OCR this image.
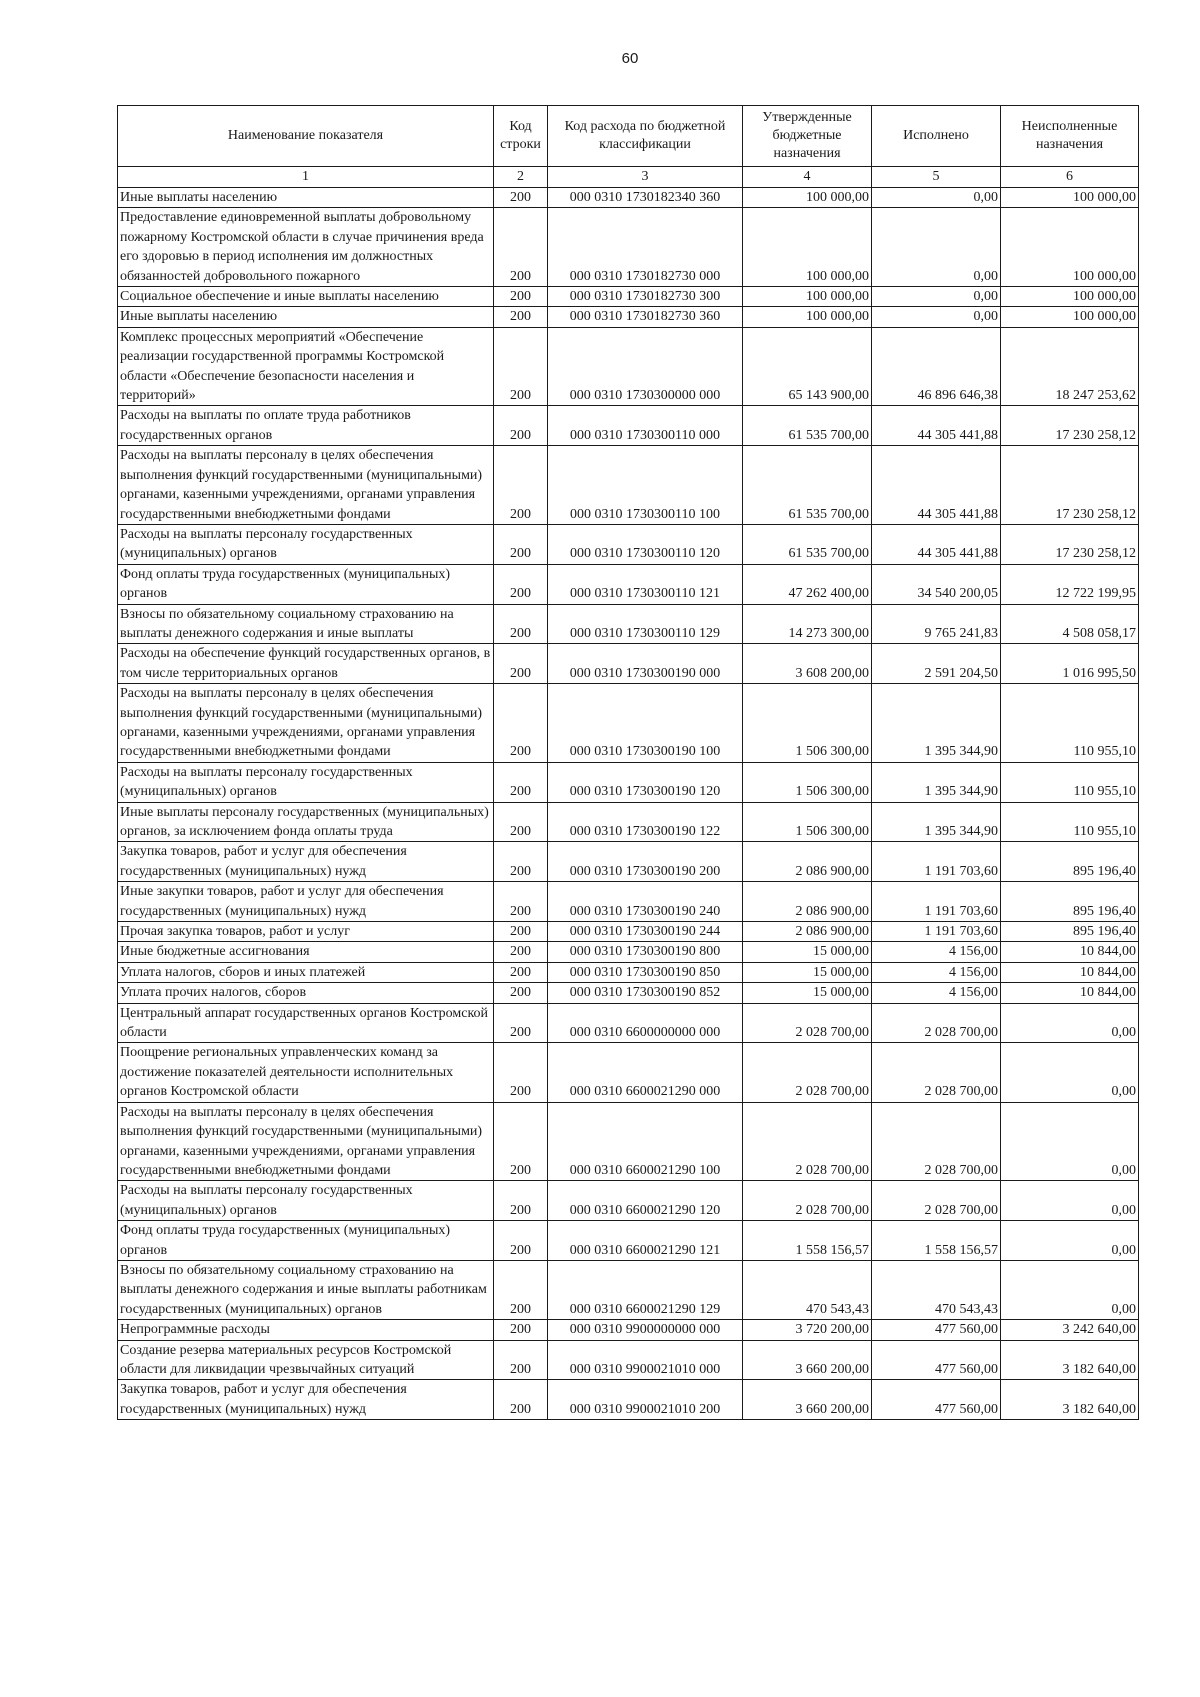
60
Наименование показателя	Код строки	Код расхода по бюджетной классификации	Утвержденные бюджетные назначения	Исполнено	Неисполненные назначения
1	2	3	4	5	6
Иные выплаты населению	200	000 0310 1730182340 360	100 000,00	0,00	100 000,00
Предоставление единовременной выплаты добровольному пожарному Костромской области в случае причинения вреда его здоровью в период исполнения им должностных обязанностей добровольного пожарного	200	000 0310 1730182730 000	100 000,00	0,00	100 000,00
Социальное обеспечение и иные выплаты населению	200	000 0310 1730182730 300	100 000,00	0,00	100 000,00
Иные выплаты населению	200	000 0310 1730182730 360	100 000,00	0,00	100 000,00
Комплекс процессных мероприятий «Обеспечение реализации государственной программы Костромской области «Обеспечение безопасности населения и территорий»	200	000 0310 1730300000 000	65 143 900,00	46 896 646,38	18 247 253,62
Расходы на выплаты по оплате труда работников государственных органов	200	000 0310 1730300110 000	61 535 700,00	44 305 441,88	17 230 258,12
Расходы на выплаты персоналу в целях обеспечения выполнения функций государственными (муниципальными) органами, казенными учреждениями, органами управления государственными внебюджетными фондами	200	000 0310 1730300110 100	61 535 700,00	44 305 441,88	17 230 258,12
Расходы на выплаты персоналу государственных (муниципальных) органов	200	000 0310 1730300110 120	61 535 700,00	44 305 441,88	17 230 258,12
Фонд оплаты труда государственных (муниципальных) органов	200	000 0310 1730300110 121	47 262 400,00	34 540 200,05	12 722 199,95
Взносы по обязательному социальному страхованию на выплаты денежного содержания и иные выплаты	200	000 0310 1730300110 129	14 273 300,00	9 765 241,83	4 508 058,17
Расходы на обеспечение функций государственных органов, в том числе территориальных органов	200	000 0310 1730300190 000	3 608 200,00	2 591 204,50	1 016 995,50
Расходы на выплаты персоналу в целях обеспечения выполнения функций государственными (муниципальными) органами, казенными учреждениями, органами управления государственными внебюджетными фондами	200	000 0310 1730300190 100	1 506 300,00	1 395 344,90	110 955,10
Расходы на выплаты персоналу государственных (муниципальных) органов	200	000 0310 1730300190 120	1 506 300,00	1 395 344,90	110 955,10
Иные выплаты персоналу государственных (муниципальных) органов, за исключением фонда оплаты труда	200	000 0310 1730300190 122	1 506 300,00	1 395 344,90	110 955,10
Закупка товаров, работ и услуг для обеспечения государственных (муниципальных) нужд	200	000 0310 1730300190 200	2 086 900,00	1 191 703,60	895 196,40
Иные закупки товаров, работ и услуг для обеспечения государственных (муниципальных) нужд	200	000 0310 1730300190 240	2 086 900,00	1 191 703,60	895 196,40
Прочая закупка товаров, работ и услуг	200	000 0310 1730300190 244	2 086 900,00	1 191 703,60	895 196,40
Иные бюджетные ассигнования	200	000 0310 1730300190 800	15 000,00	4 156,00	10 844,00
Уплата налогов, сборов и иных платежей	200	000 0310 1730300190 850	15 000,00	4 156,00	10 844,00
Уплата прочих налогов, сборов	200	000 0310 1730300190 852	15 000,00	4 156,00	10 844,00
Центральный аппарат государственных органов Костромской области	200	000 0310 6600000000 000	2 028 700,00	2 028 700,00	0,00
Поощрение региональных управленческих команд за достижение показателей деятельности исполнительных органов Костромской области	200	000 0310 6600021290 000	2 028 700,00	2 028 700,00	0,00
Расходы на выплаты персоналу в целях обеспечения выполнения функций государственными (муниципальными) органами, казенными учреждениями, органами управления государственными внебюджетными фондами	200	000 0310 6600021290 100	2 028 700,00	2 028 700,00	0,00
Расходы на выплаты персоналу государственных (муниципальных) органов	200	000 0310 6600021290 120	2 028 700,00	2 028 700,00	0,00
Фонд оплаты труда государственных (муниципальных) органов	200	000 0310 6600021290 121	1 558 156,57	1 558 156,57	0,00
Взносы по обязательному социальному страхованию на выплаты денежного содержания и иные выплаты работникам государственных (муниципальных) органов	200	000 0310 6600021290 129	470 543,43	470 543,43	0,00
Непрограммные расходы	200	000 0310 9900000000 000	3 720 200,00	477 560,00	3 242 640,00
Создание резерва материальных ресурсов Костромской области для ликвидации чрезвычайных ситуаций	200	000 0310 9900021010 000	3 660 200,00	477 560,00	3 182 640,00
Закупка товаров, работ и услуг для обеспечения государственных (муниципальных) нужд	200	000 0310 9900021010 200	3 660 200,00	477 560,00	3 182 640,00
